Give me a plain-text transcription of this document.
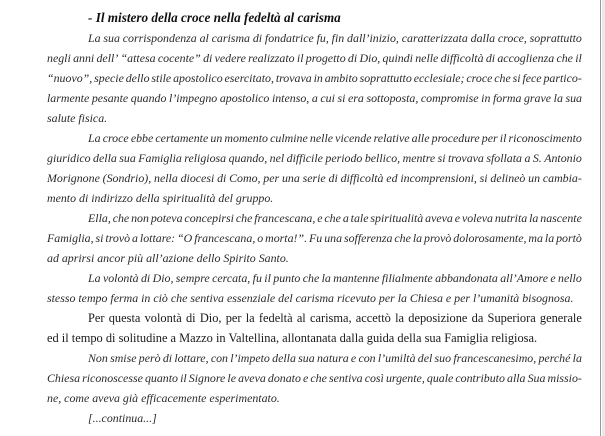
- Il mistero della croce nella fedeltà al carisma
La sua corrispondenza al carisma di fondatrice fu, fin dall’inizio, caratterizzata dalla croce, soprattutto
negli anni dell’ “attesa cocente” di vedere realizzato il progetto di Dio, quindi nelle difficoltà di accoglienza che il
“nuovo”, specie dello stile apostolico esercitato, trovava in ambito soprattutto ecclesiale; croce che si fece partico-
larmente pesante quando l’impegno apostolico intenso, a cui si era sottoposta, compromise in forma grave la sua
salute fisica.
La croce ebbe certamente un momento culmine nelle vicende relative alle procedure per il riconoscimento
giuridico della sua Famiglia religiosa quando, nel difficile periodo bellico, mentre si trovava sfollata a S. Antonio
Morignone (Sondrio), nella diocesi di Como, per una serie di difficoltà ed incomprensioni, si delineò un cambia-
mento di indirizzo della spiritualità del gruppo.
Ella, che non poteva concepirsi che francescana, e che a tale spiritualità aveva e voleva nutrita la nascente
Famiglia, si trovò a lottare: “O francescana, o morta!”. Fu una sofferenza che la provò dolorosamente, ma la portò
ad aprirsi ancor più all’azione dello Spirito Santo.
La volontà di Dio, sempre cercata, fu il punto che la mantenne filialmente abbandonata all’Amore e nello
stesso tempo ferma in ciò che sentiva essenziale del carisma ricevuto per la Chiesa e per l’umanità bisognosa.
Per questa volontà di Dio, per la fedeltà al carisma, accettò la deposizione da Superiora generale
ed il tempo di solitudine a Mazzo in Valtellina, allontanata dalla guida della sua Famiglia religiosa.
Non smise però di lottare, con l’impeto della sua natura e con l’umiltà del suo francescanesimo, perché la
Chiesa riconoscesse quanto il Signore le aveva donato e che sentiva così urgente, quale contributo alla Sua missio-
ne, come aveva già efficacemente esperimentato.
[...continua...]
